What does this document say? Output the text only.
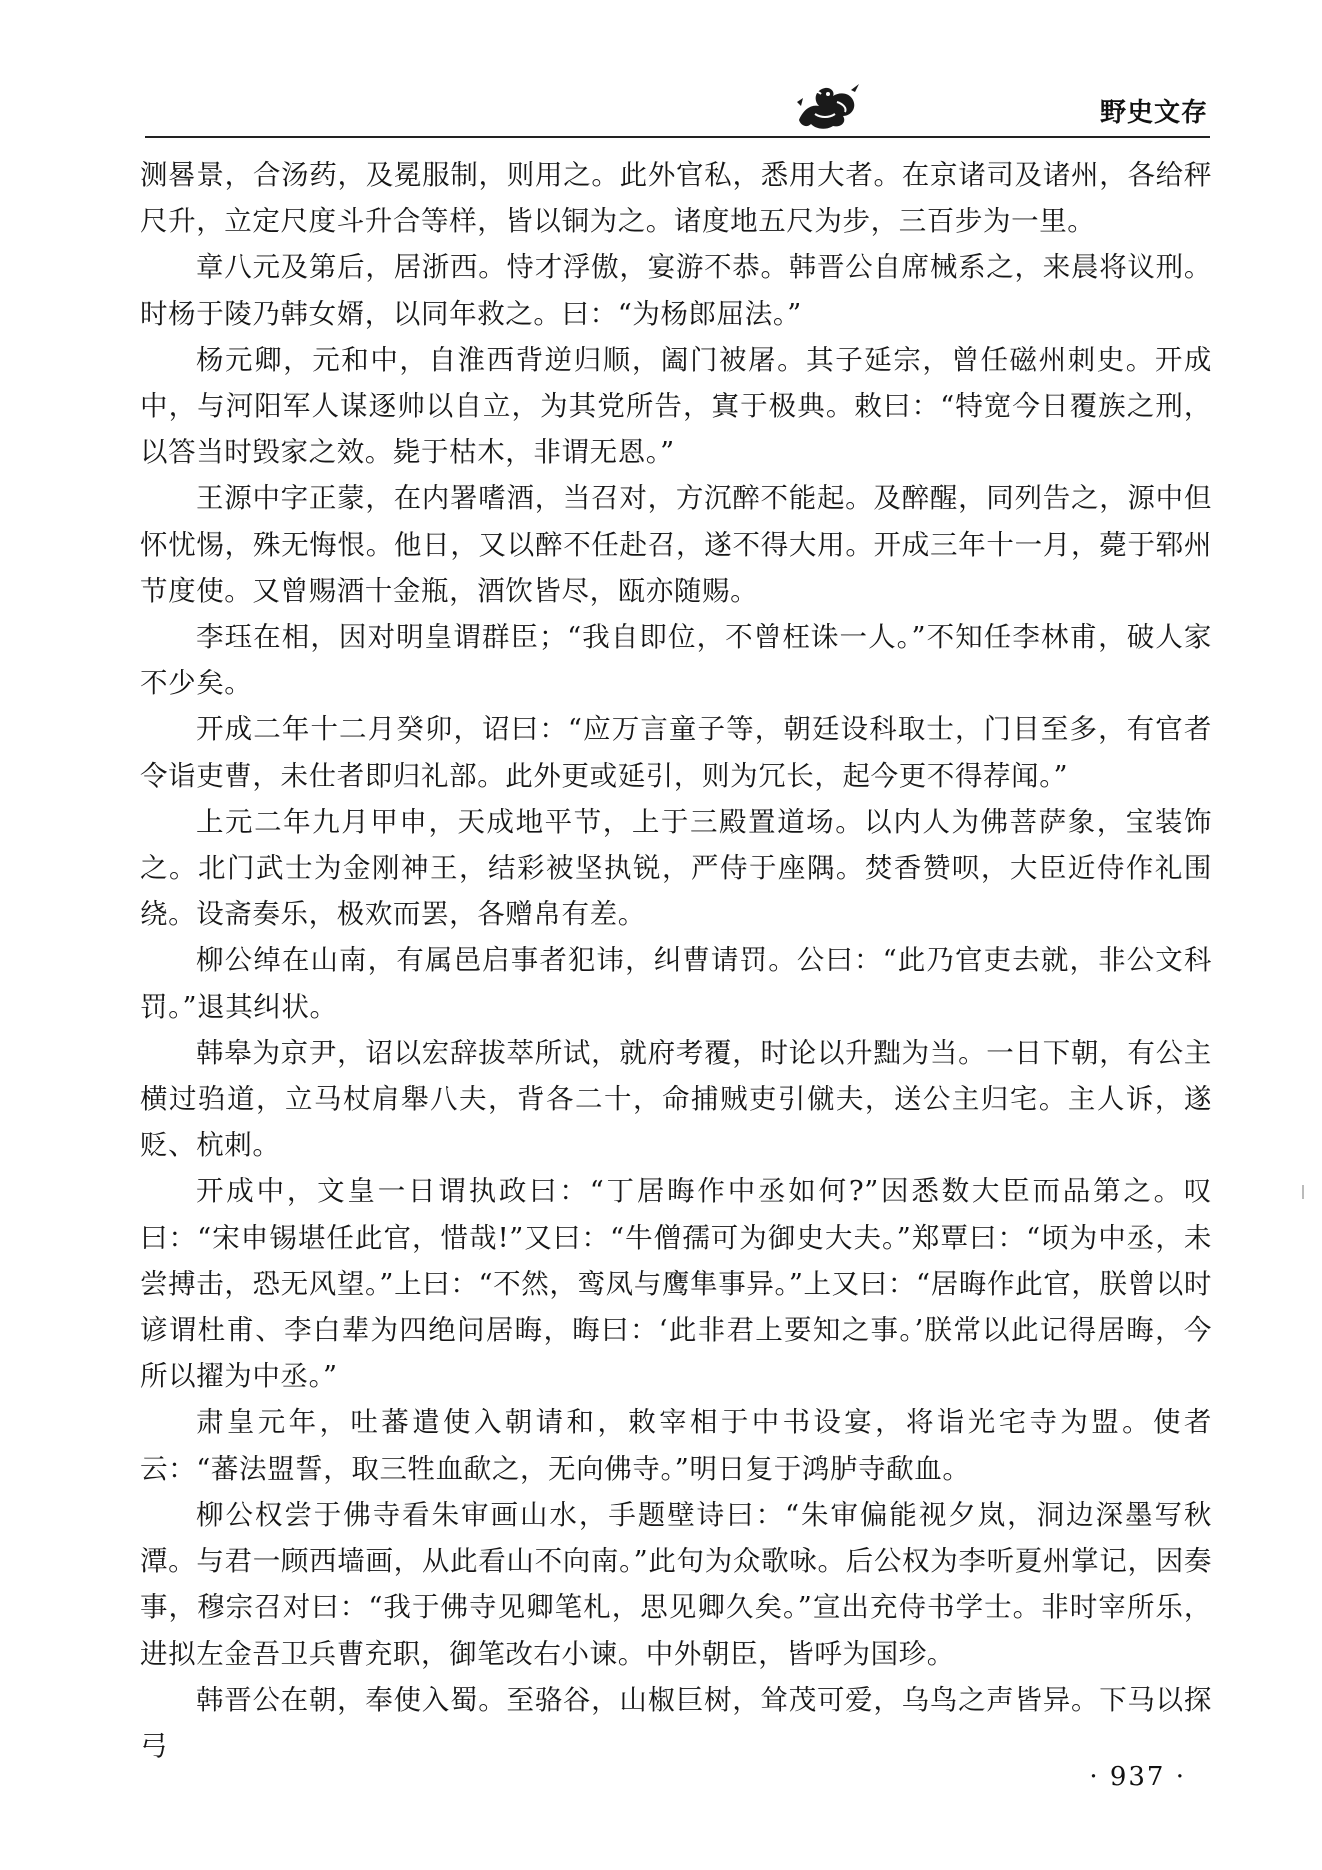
野史文存

测晷景，合汤药，及冕服制，则用之。此外官私，悉用大者。在京诸司及诸州，各给秤尺升，立定尺度斗升合等样，皆以铜为之。诸度地五尺为步，三百步为一里。

章八元及第后，居浙西。恃才浮傲，宴游不恭。韩晋公自席械系之，来晨将议刑。时杨于陵乃韩女婿，以同年救之。曰：“为杨郎屈法。”

杨元卿，元和中，自淮西背逆归顺，阖门被屠。其子延宗，曾任磁州刺史。开成中，与河阳军人谋逐帅以自立，为其党所告，寘于极典。敕曰：“特宽今日覆族之刑，以答当时毁家之效。毙于枯木，非谓无恩。”

王源中字正蒙，在内署嗜酒，当召对，方沉醉不能起。及醉醒，同列告之，源中但怀忧惕，殊无悔恨。他日，又以醉不任赴召，遂不得大用。开成三年十一月，薨于郓州节度使。又曾赐酒十金瓶，酒饮皆尽，瓯亦随赐。

李珏在相，因对明皇谓群臣；“我自即位，不曾枉诛一人。”不知任李林甫，破人家不少矣。

开成二年十二月癸卯，诏曰：“应万言童子等，朝廷设科取士，门目至多，有官者令诣吏曹，未仕者即归礼部。此外更或延引，则为冗长，起今更不得荐闻。”

上元二年九月甲申，天成地平节，上于三殿置道场。以内人为佛菩萨象，宝装饰之。北门武士为金刚神王，结彩被坚执锐，严侍于座隅。焚香赞呗，大臣近侍作礼围绕。设斋奏乐，极欢而罢，各赠帛有差。

柳公绰在山南，有属邑启事者犯讳，纠曹请罚。公曰：“此乃官吏去就，非公文科罚。”退其纠状。

韩皋为京尹，诏以宏辞拔萃所试，就府考覆，时论以升黜为当。一日下朝，有公主横过驺道，立马杖肩舉八夫，背各二十，命捕贼吏引僦夫，送公主归宅。主人诉，遂贬、杭刺。

开成中，文皇一日谓执政曰：“丁居晦作中丞如何?”因悉数大臣而品第之。叹曰：“宋申锡堪任此官，惜哉!”又曰：“牛僧孺可为御史大夫。”郑覃曰：“顷为中丞，未尝搏击，恐无风望。”上曰：“不然，鸾凤与鹰隼事异。”上又曰：“居晦作此官，朕曾以时谚谓杜甫、李白辈为四绝问居晦，晦曰：‘此非君上要知之事。’朕常以此记得居晦，今所以擢为中丞。”

肃皇元年，吐蕃遣使入朝请和，敕宰相于中书设宴，将诣光宅寺为盟。使者云：“蕃法盟誓，取三牲血歃之，无向佛寺。”明日复于鸿胪寺歃血。

柳公权尝于佛寺看朱审画山水，手题壁诗曰：“朱审偏能视夕岚，洞边深墨写秋潭。与君一顾西墙画，从此看山不向南。”此句为众歌咏。后公权为李听夏州掌记，因奏事，穆宗召对曰：“我于佛寺见卿笔札，思见卿久矣。”宣出充侍书学士。非时宰所乐，进拟左金吾卫兵曹充职，御笔改右小谏。中外朝臣，皆呼为国珍。

韩晋公在朝，奉使入蜀。至骆谷，山椒巨树，耸茂可爱，乌鸟之声皆异。下马以探弓

· 937 ·
